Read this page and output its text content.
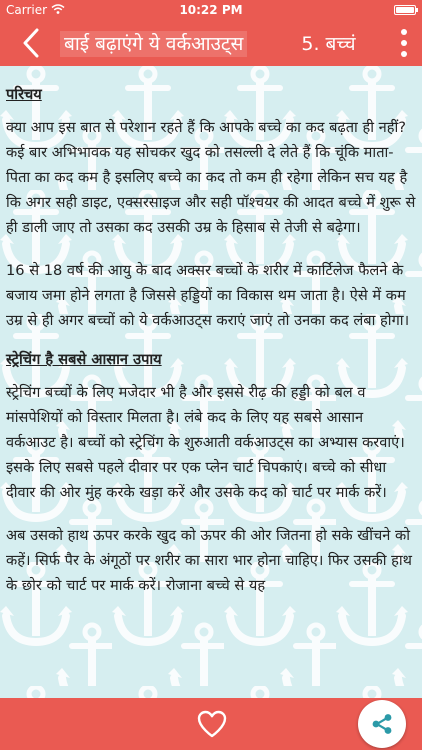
Carrier	10:22 PM
बाई बढ़ाएंगे ये वर्कआउट्स	5. बच्चं
परिचय
क्या आप इस बात से परेशान रहते हैं कि आपके बच्चे का कद बढ़ता ही नहीं? कई बार अभिभावक यह सोचकर खुद को तसल्ली दे लेते हैं कि चूंकि माता-पिता का कद कम है इसलिए बच्चे का कद तो कम ही रहेगा लेकिन सच यह है कि अगर सही डाइट, एक्सरसाइज और सही पॉश्चयर की आदत बच्चे में शुरू से ही डाली जाए तो उसका कद उसकी उम्र के हिसाब से तेजी से बढ़ेगा।
16 से 18 वर्ष की आयु के बाद अक्सर बच्चों के शरीर में कार्टिलेज फैलने के बजाय जमा होने लगता है जिससे हड्डियों का विकास थम जाता है। ऐसे में कम उम्र से ही अगर बच्चों को ये वर्कआउट्स कराएं जाएं तो उनका कद लंबा होगा।
स्ट्रेचिंग है सबसे आसान उपाय
स्ट्रेचिंग बच्चों के लिए मजेदार भी है और इससे रीढ़ की हड्डी को बल व मांसपेशियों को विस्तार मिलता है। लंबे कद के लिए यह सबसे आसान वर्कआउट है। बच्चों को स्ट्रेचिंग के शुरुआती वर्कआउट्स का अभ्यास करवाएं। इसके लिए सबसे पहले दीवार पर एक प्लेन चार्ट चिपकाएं। बच्चे को सीधा दीवार की ओर मुंह करके खड़ा करें और उसके कद को चार्ट पर मार्क करें।
अब उसको हाथ ऊपर करके खुद को ऊपर की ओर जितना हो सके खींचने को कहें। सिर्फ पैर के अंगूठों पर शरीर का सारा भार होना चाहिए। फिर उसकी हाथ के छोर को चार्ट पर मार्क करें। रोजाना बच्चे से यह
